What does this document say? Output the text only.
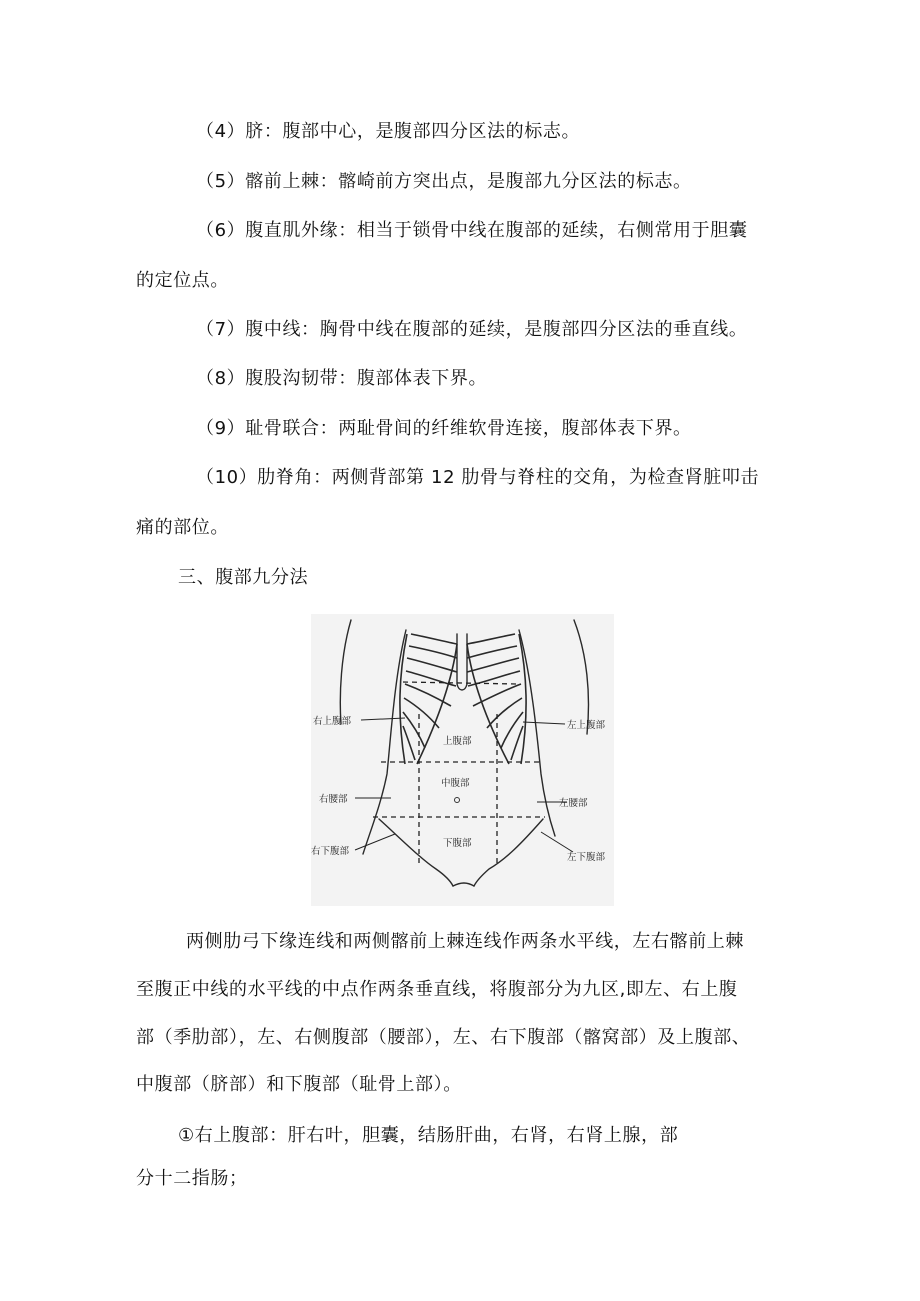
（4）脐：腹部中心，是腹部四分区法的标志。
（5）髂前上棘：髂崎前方突出点，是腹部九分区法的标志。
（6）腹直肌外缘：相当于锁骨中线在腹部的延续，右侧常用于胆囊
的定位点。
（7）腹中线：胸骨中线在腹部的延续，是腹部四分区法的垂直线。
（8）腹股沟韧带：腹部体表下界。
（9）耻骨联合：两耻骨间的纤维软骨连接，腹部体表下界。
（10）肋脊角：两侧背部第 12 肋骨与脊柱的交角，为检查肾脏叩击
痛的部位。
三、腹部九分法
右上腹部	左上腹部
上腹部
中腹部
右腰部	左腰部
下腹部
右下腹部
左下腹部
两侧肋弓下缘连线和两侧髂前上棘连线作两条水平线，左右髂前上棘
至腹正中线的水平线的中点作两条垂直线，将腹部分为九区,即左、右上腹
部（季肋部），左、右侧腹部（腰部），左、右下腹部（髂窝部）及上腹部、
中腹部（脐部）和下腹部（耻骨上部）。
①右上腹部：肝右叶，胆囊，结肠肝曲，右肾，右肾上腺，部
分十二指肠；
